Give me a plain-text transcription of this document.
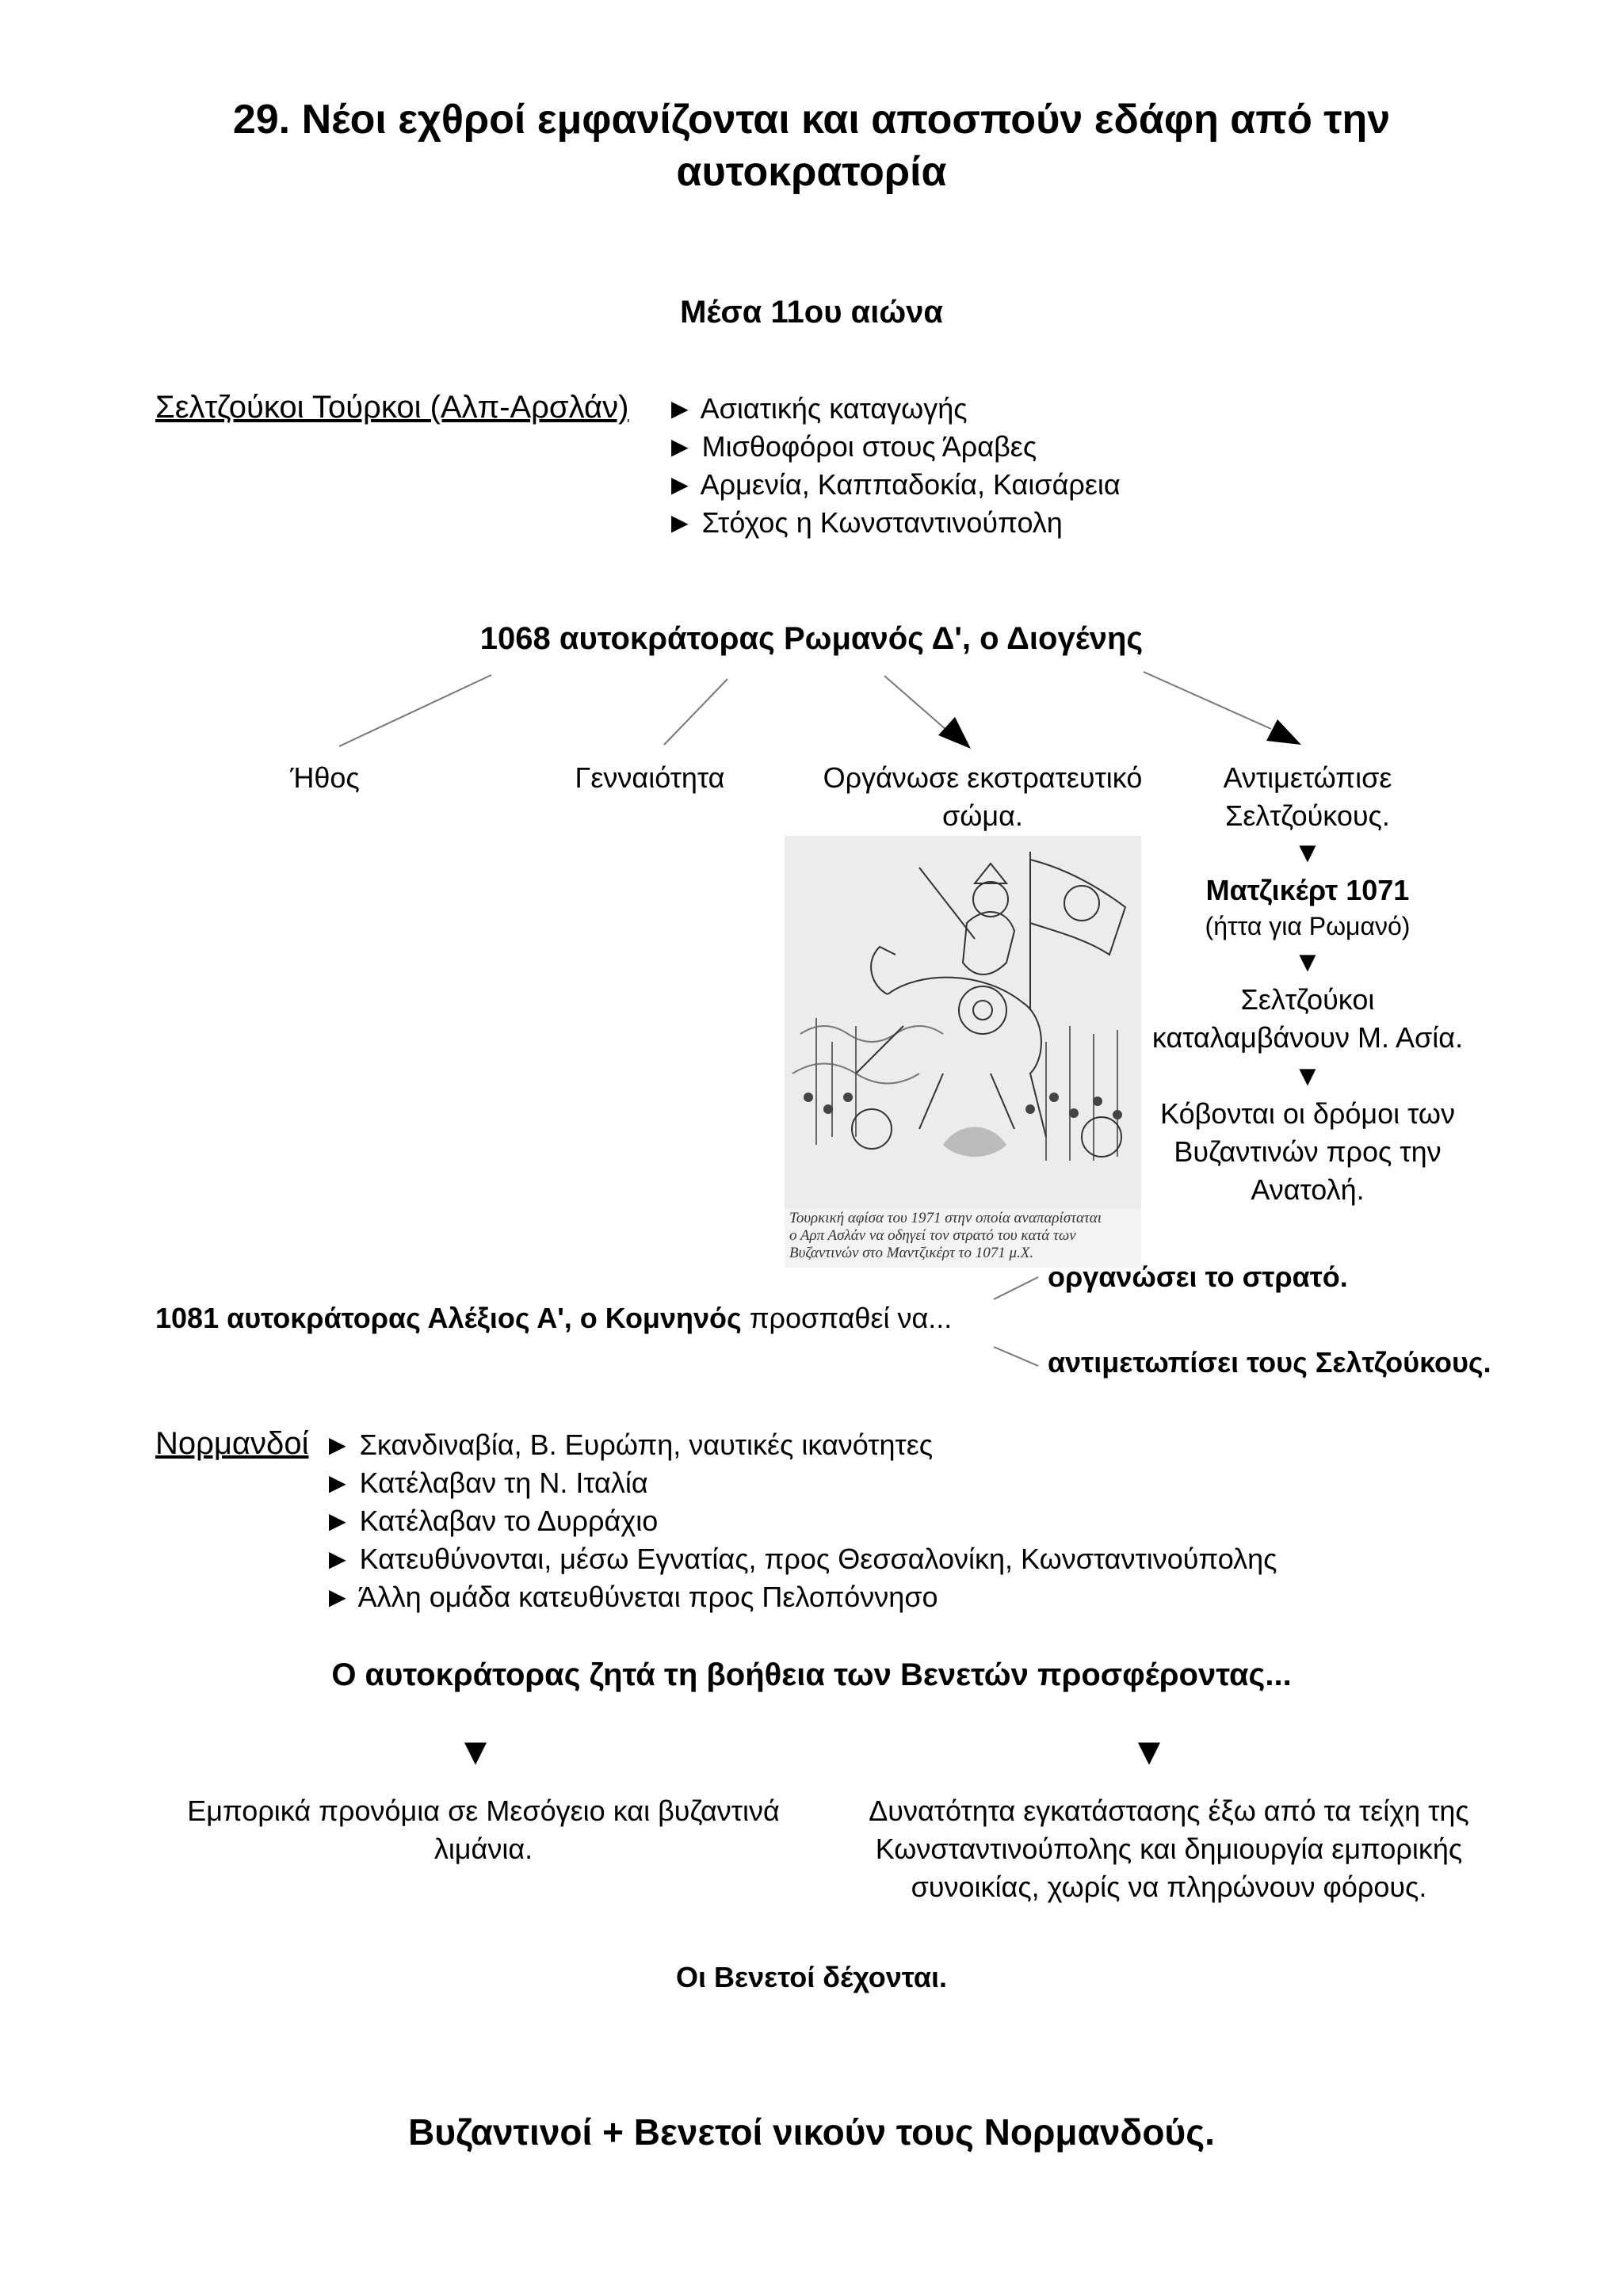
29. Νέοι εχθροί εμφανίζονται και αποσπούν εδάφη από την
αυτοκρατορία
Μέσα 11ου αιώνα
Σελτζούκοι Τούρκοι (Αλπ-Αρσλάν) ► Ασιατικής καταγωγής
► Μισθοφόροι στους Άραβες
► Αρμενία, Καππαδοκία, Καισάρεια
► Στόχος η Κωνσταντινούπολη
1068 αυτοκράτορας Ρωμανός Δ', ο Διογένης
Ήθος	Γενναιότητα	Οργάνωσε εκστρατευτικό
σώμα.
Αντιμετώπισε
Σελτζούκους.
▼
Ματζικέρτ 1071
(ήττα για Ρωμανό)
▼
Σελτζούκοι
καταλαμβάνουν Μ. Ασία.
▼
Κόβονται οι δρόμοι των
Βυζαντινών προς την
Ανατολή.
Τουρκική αφίσα του 1971 στην οποία αναπαρίσταται
ο Αρπ Ασλάν να οδηγεί τον στρατό του κατά των
Βυζαντινών στο Μαντζικέρτ το 1071 μ.Χ.
1081 αυτοκράτορας Αλέξιος Α', ο Κομνηνός προσπαθεί να...
οργανώσει το στρατό.
αντιμετωπίσει τους Σελτζούκους.
Νορμανδοί ► Σκανδιναβία, Β. Ευρώπη, ναυτικές ικανότητες
► Κατέλαβαν τη Ν. Ιταλία
► Κατέλαβαν το Δυρράχιο
► Κατευθύνονται, μέσω Εγνατίας, προς Θεσσαλονίκη, Κωνσταντινούπολης
► Άλλη ομάδα κατευθύνεται προς Πελοπόννησο
Ο αυτοκράτορας ζητά τη βοήθεια των Βενετών προσφέροντας...
▼	▼
Εμπορικά προνόμια σε Μεσόγειο και βυζαντινά
λιμάνια.
Δυνατότητα εγκατάστασης έξω από τα τείχη της
Κωνσταντινούπολης και δημιουργία εμπορικής
συνοικίας, χωρίς να πληρώνουν φόρους.
Οι Βενετοί δέχονται.
Βυζαντινοί + Βενετοί νικούν τους Νορμανδούς.
